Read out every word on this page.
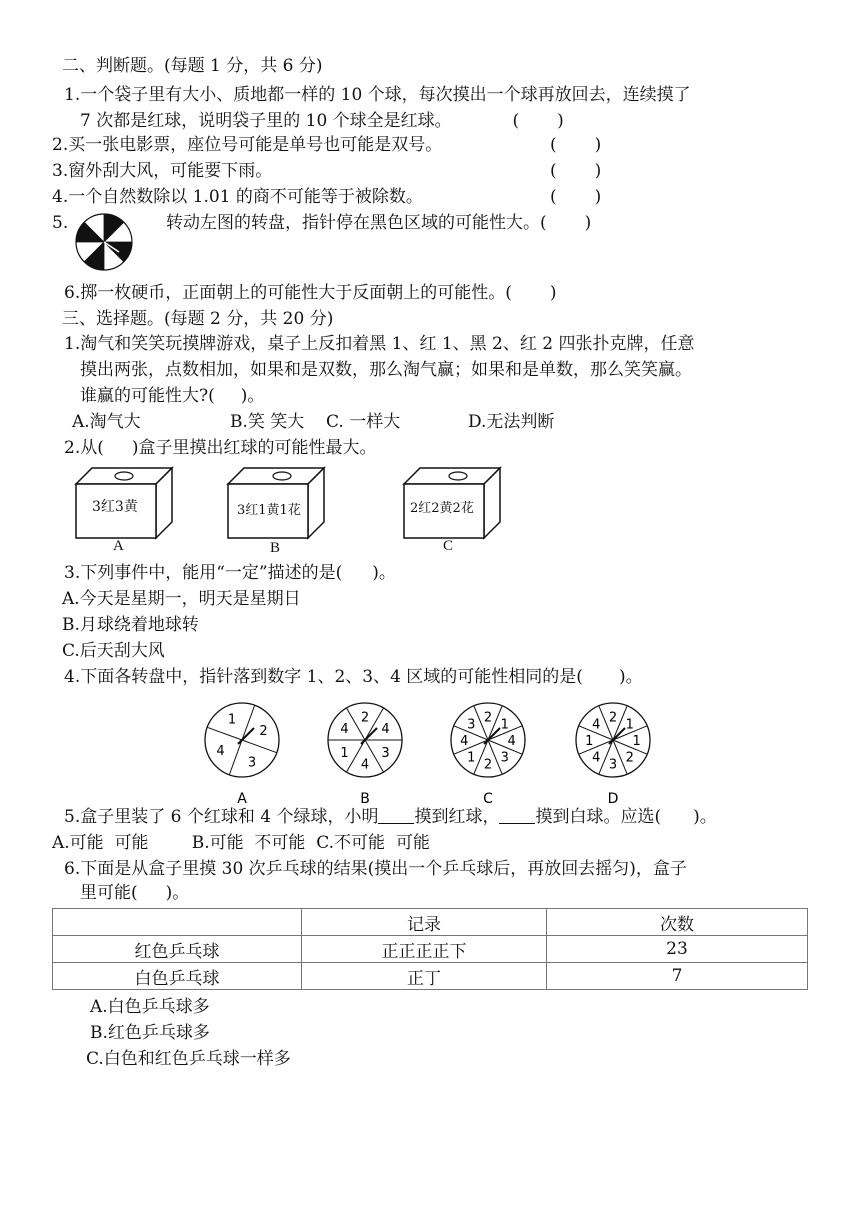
二、判断题。(每题 1 分，共 6 分)
1.一个袋子里有大小、质地都一样的 10 个球，每次摸出一个球再放回去，连续摸了
7 次都是红球，说明袋子里的 10 个球全是红球。	( )
2.买一张电影票，座位号可能是单号也可能是双号。	( )
3.窗外刮大风，可能要下雨。	( )
4.一个自然数除以 1.01 的商不可能等于被除数。	( )
5.	转动左图的转盘，指针停在黑色区域的可能性大。( )
6.掷一枚硬币，正面朝上的可能性大于反面朝上的可能性。( )
三、选择题。(每题 2 分，共 20 分)
1.淘气和笑笑玩摸牌游戏，桌子上反扣着黑 1、红 1、黑 2、红 2 四张扑克牌，任意
摸出两张，点数相加，如果和是双数，那么淘气赢；如果和是单数，那么笑笑赢。
谁赢的可能性大?( )。
A.淘气大	B.笑 笑大 C. 一样大	D.无法判断
2.从( )盒子里摸出红球的可能性最大。
3红3黄
A
3红1黄1花
B
2红2黄2花
C
3.下列事件中，能用“一定”描述的是( )。
A.今天是星期一，明天是星期日
B.月球绕着地球转
C.后天刮大风
4.下面各转盘中，指针落到数字 1、2、3、4 区域的可能性相同的是( )。
2
3
4
1
A
4
3
4
1
4
2
B
1
4
3
2
1
4
3 2
C
1
1
2
3
4
1
4 2
D
5.盒子里装了 6 个红球和 4 个绿球，小明 摸到红球， 摸到白球。应选( )。
A.可能  可能        B.可能  不可能  C.不可能  可能
6.下面是从盒子里摸 30 次乒乓球的结果(摸出一个乒乓球后，再放回去摇匀)，盒子
里可能( )。
	记录	次数
红色乒乓球	正正正正下	23
白色乒乓球	正丁	7
A.白色乒乓球多
B.红色乒乓球多
C.白色和红色乒乓球一样多
